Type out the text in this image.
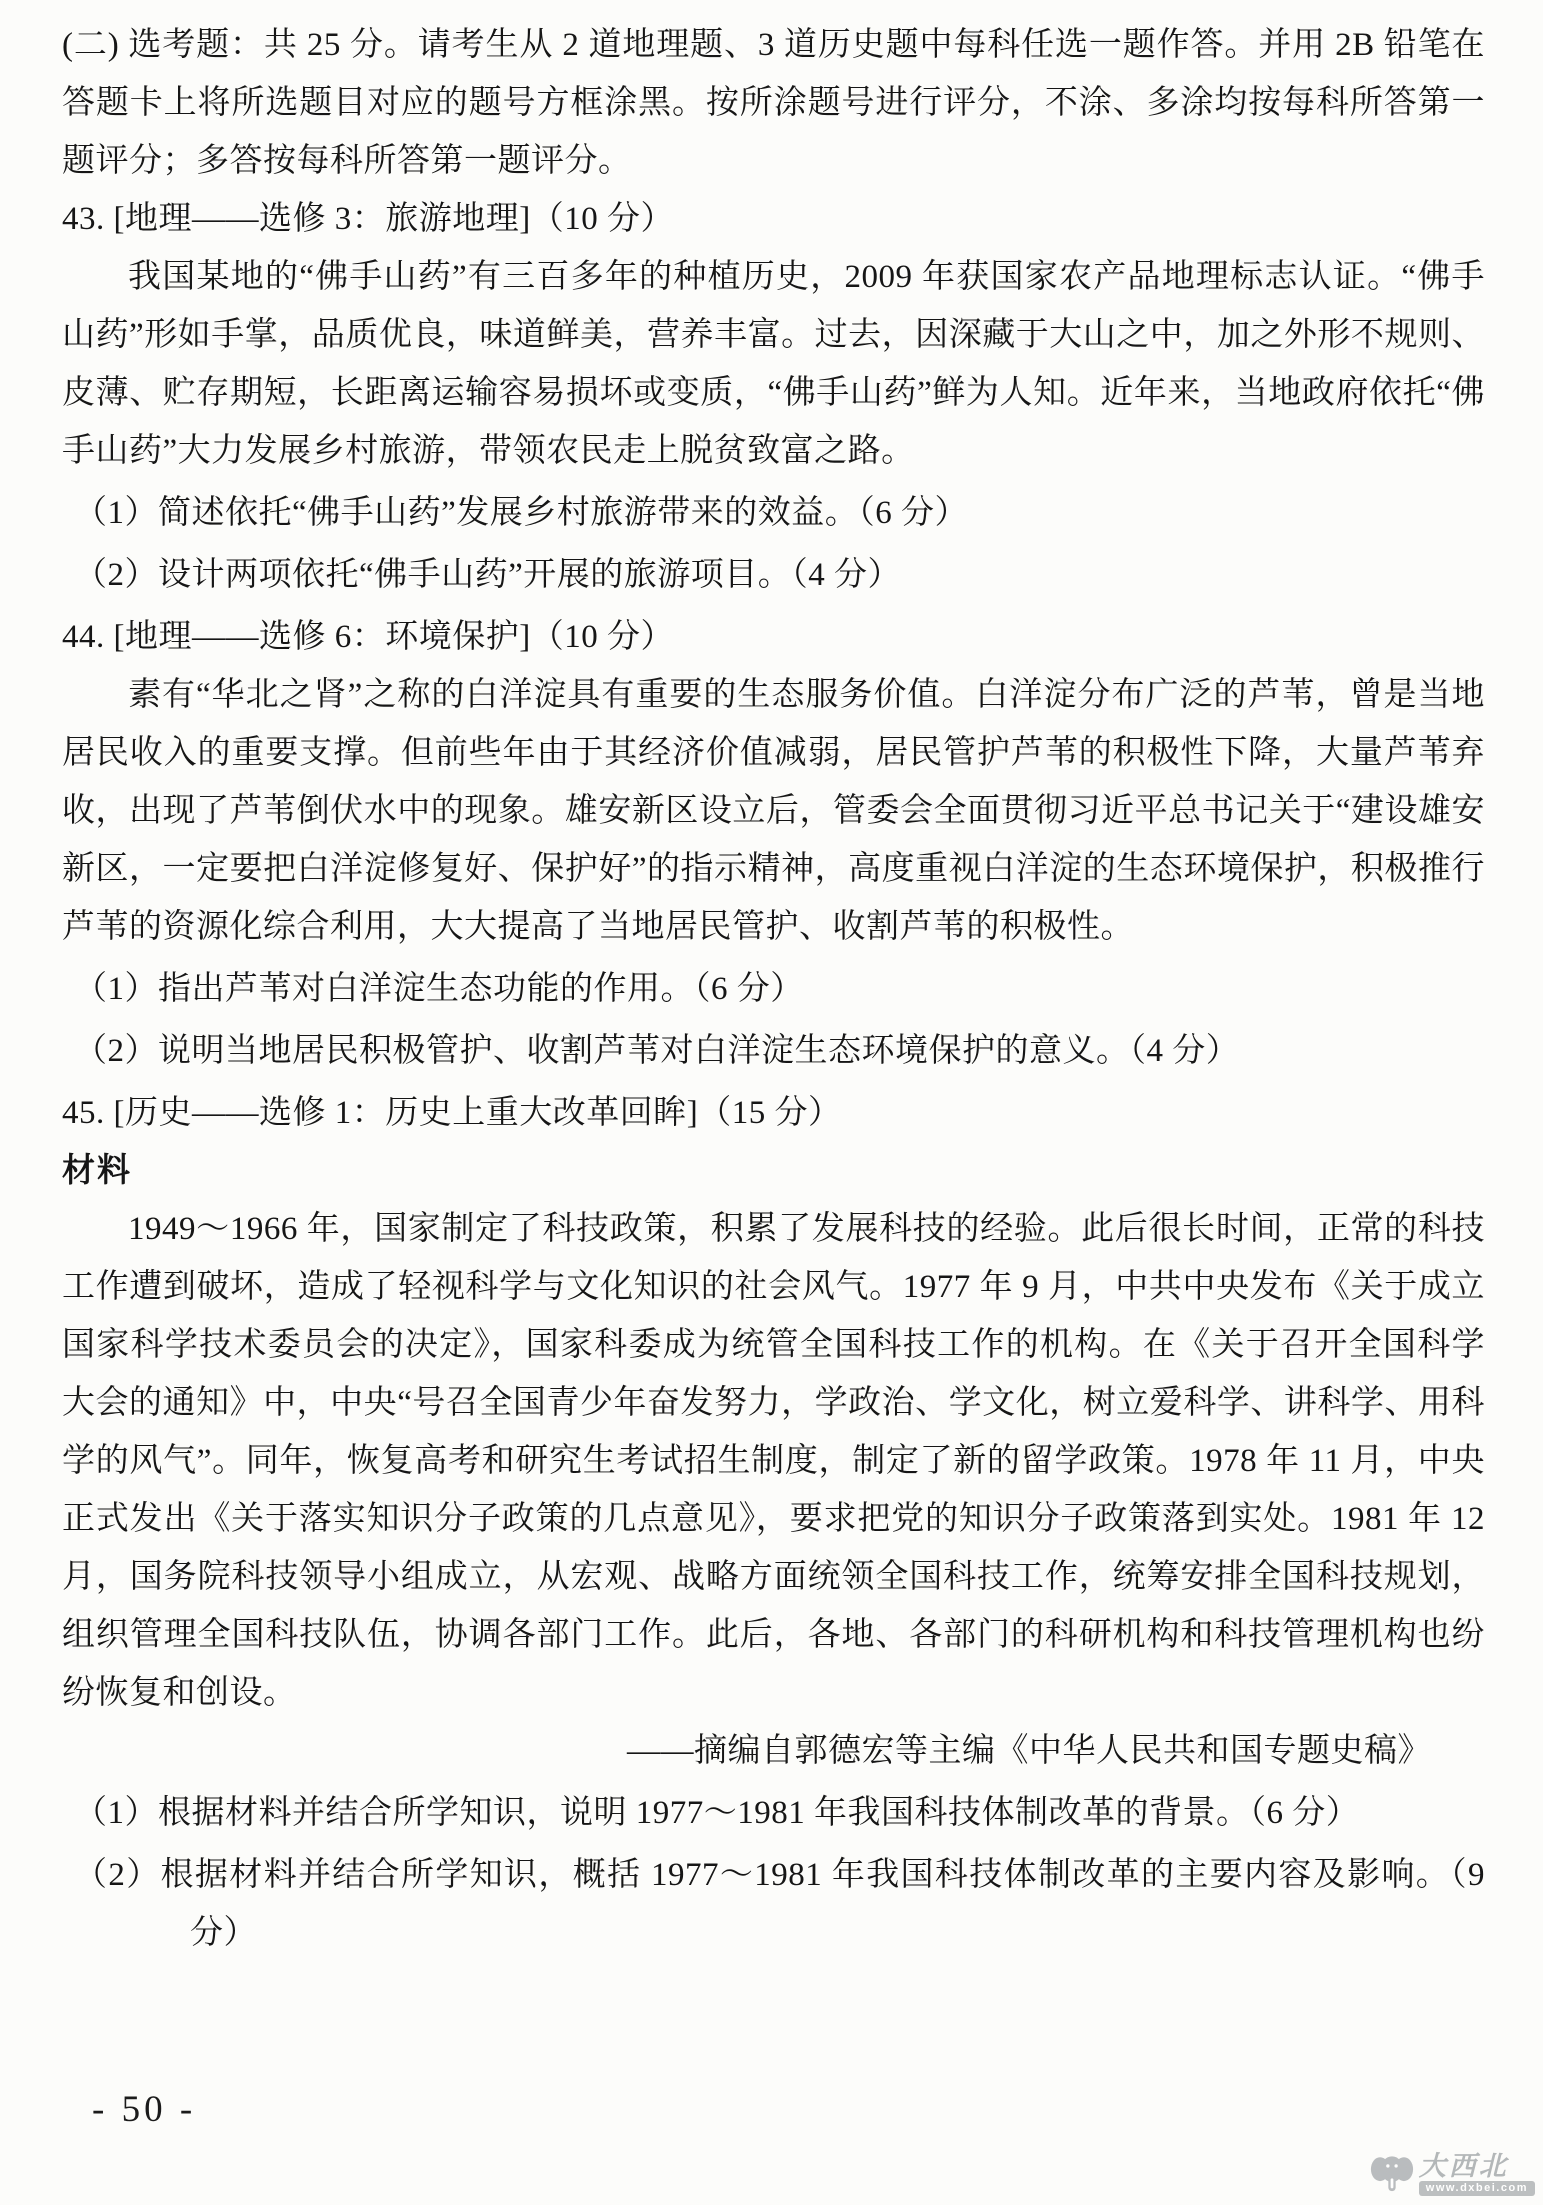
(二) 选考题：共 25 分。请考生从 2 道地理题、3 道历史题中每科任选一题作答。并用 2B 铅笔在答题卡上将所选题目对应的题号方框涂黑。按所涂题号进行评分，不涂、多涂均按每科所答第一题评分；多答按每科所答第一题评分。

43. [地理——选修 3：旅游地理]（10 分）

我国某地的“佛手山药”有三百多年的种植历史，2009 年获国家农产品地理标志认证。“佛手山药”形如手掌，品质优良，味道鲜美，营养丰富。过去，因深藏于大山之中，加之外形不规则、皮薄、贮存期短，长距离运输容易损坏或变质，“佛手山药”鲜为人知。近年来，当地政府依托“佛手山药”大力发展乡村旅游，带领农民走上脱贫致富之路。

（1）简述依托“佛手山药”发展乡村旅游带来的效益。（6 分）

（2）设计两项依托“佛手山药”开展的旅游项目。（4 分）

44. [地理——选修 6：环境保护]（10 分）

素有“华北之肾”之称的白洋淀具有重要的生态服务价值。白洋淀分布广泛的芦苇，曾是当地居民收入的重要支撑。但前些年由于其经济价值减弱，居民管护芦苇的积极性下降，大量芦苇弃收，出现了芦苇倒伏水中的现象。雄安新区设立后，管委会全面贯彻习近平总书记关于“建设雄安新区，一定要把白洋淀修复好、保护好”的指示精神，高度重视白洋淀的生态环境保护，积极推行芦苇的资源化综合利用，大大提高了当地居民管护、收割芦苇的积极性。

（1）指出芦苇对白洋淀生态功能的作用。（6 分）

（2）说明当地居民积极管护、收割芦苇对白洋淀生态环境保护的意义。（4 分）

45. [历史——选修 1：历史上重大改革回眸]（15 分）

材料

1949～1966 年，国家制定了科技政策，积累了发展科技的经验。此后很长时间，正常的科技工作遭到破坏，造成了轻视科学与文化知识的社会风气。1977 年 9 月，中共中央发布《关于成立国家科学技术委员会的决定》，国家科委成为统管全国科技工作的机构。在《关于召开全国科学大会的通知》中，中央“号召全国青少年奋发努力，学政治、学文化，树立爱科学、讲科学、用科学的风气”。同年，恢复高考和研究生考试招生制度，制定了新的留学政策。1978 年 11 月，中央正式发出《关于落实知识分子政策的几点意见》，要求把党的知识分子政策落到实处。1981 年 12 月，国务院科技领导小组成立，从宏观、战略方面统领全国科技工作，统筹安排全国科技规划，组织管理全国科技队伍，协调各部门工作。此后，各地、各部门的科研机构和科技管理机构也纷纷恢复和创设。

——摘编自郭德宏等主编《中华人民共和国专题史稿》

（1）根据材料并结合所学知识，说明 1977～1981 年我国科技体制改革的背景。（6 分）

（2）根据材料并结合所学知识，概括 1977～1981 年我国科技体制改革的主要内容及影响。（9 分）

- 50 -
大西北
www.dxbei.com
